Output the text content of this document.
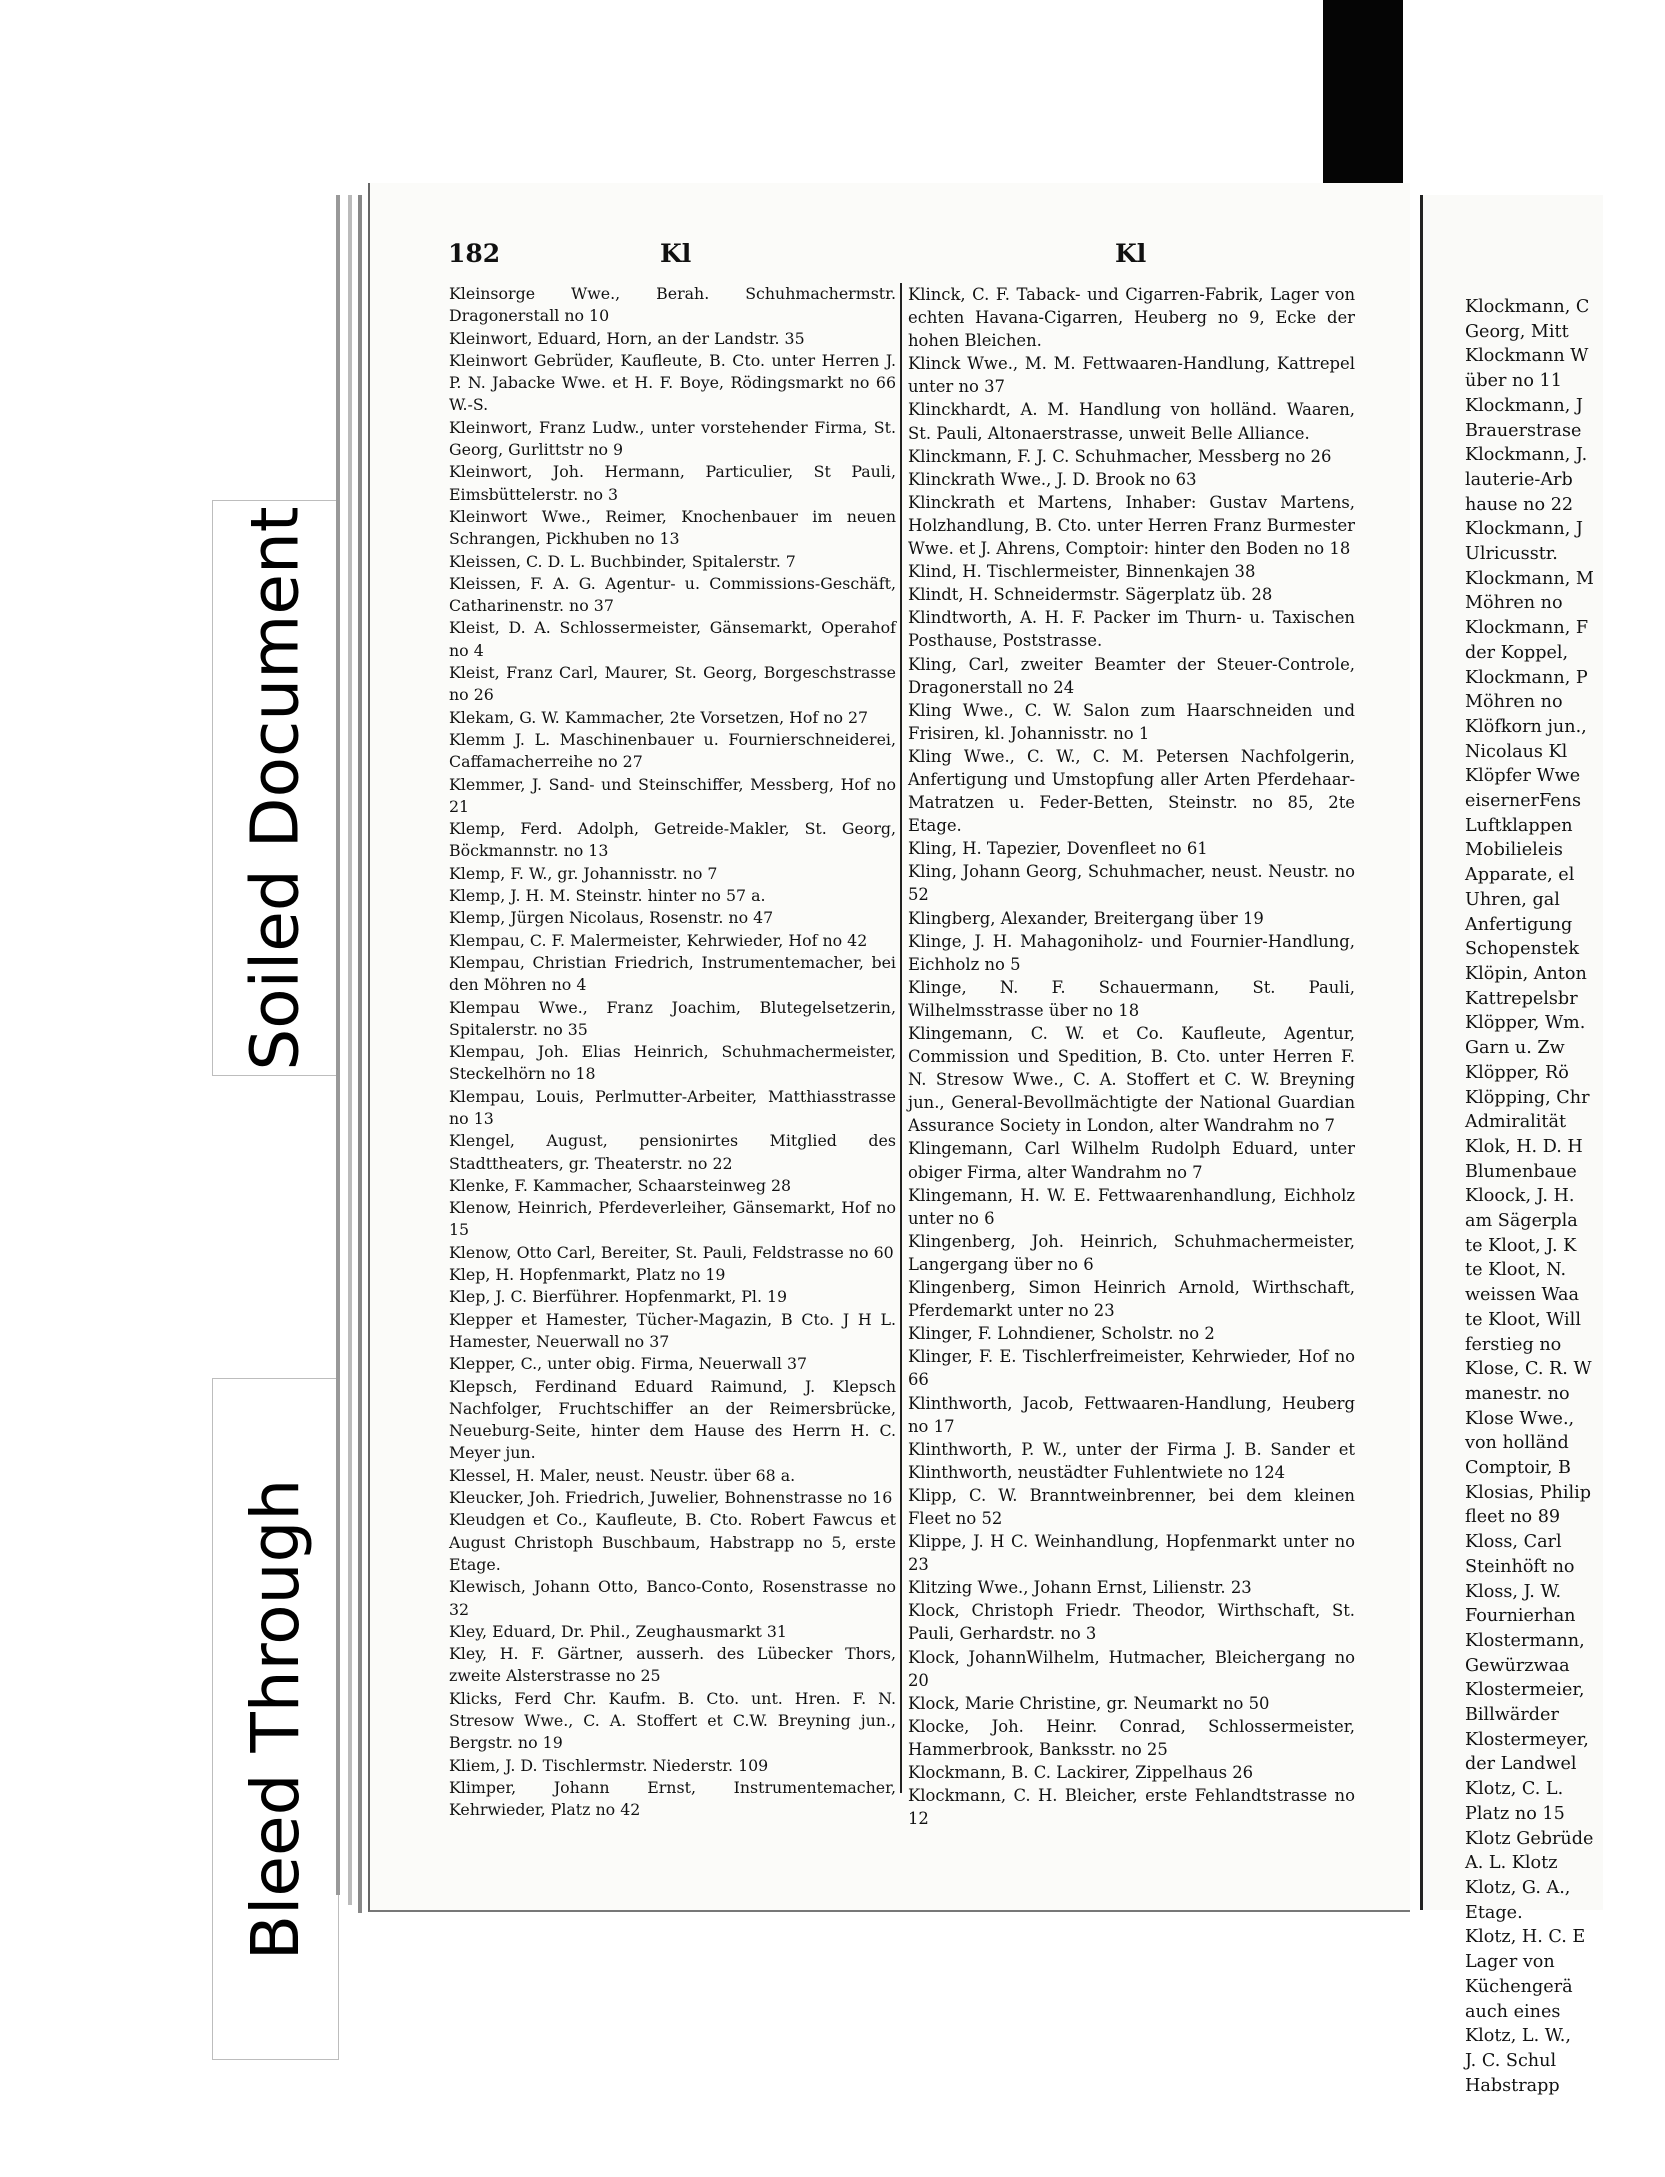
Soiled Document
Bleed Through
182	Kl	Kl

Kleinsorge Wwe., Berah. Schuhmachermstr. Dragonerstall no 10

Kleinwort, Eduard, Horn, an der Landstr. 35

Kleinwort Gebrüder, Kaufleute, B. Cto. unter Herren J. P. N. Jabacke Wwe. et H. F. Boye, Rödingsmarkt no 66 W.-S.

Kleinwort, Franz Ludw., unter vorstehender Firma, St. Georg, Gurlittstr no 9

Kleinwort, Joh. Hermann, Particulier, St Pauli, Eimsbüttelerstr. no 3

Kleinwort Wwe., Reimer, Knochenbauer im neuen Schrangen, Pickhuben no 13

Kleissen, C. D. L. Buchbinder, Spitalerstr. 7

Kleissen, F. A. G. Agentur- u. Commissions-Geschäft, Catharinenstr. no 37

Kleist, D. A. Schlossermeister, Gänsemarkt, Operahof no 4

Kleist, Franz Carl, Maurer, St. Georg, Borgeschstrasse no 26

Klekam, G. W. Kammacher, 2te Vorsetzen, Hof no 27

Klemm J. L. Maschinenbauer u. Fournierschneiderei, Caffamacherreihe no 27

Klemmer, J. Sand- und Steinschiffer, Messberg, Hof no 21

Klemp, Ferd. Adolph, Getreide-Makler, St. Georg, Böckmannstr. no 13

Klemp, F. W., gr. Johannisstr. no 7

Klemp, J. H. M. Steinstr. hinter no 57 a.

Klemp, Jürgen Nicolaus, Rosenstr. no 47

Klempau, C. F. Malermeister, Kehrwieder, Hof no 42

Klempau, Christian Friedrich, Instrumentemacher, bei den Möhren no 4

Klempau Wwe., Franz Joachim, Blutegelsetzerin, Spitalerstr. no 35

Klempau, Joh. Elias Heinrich, Schuhmachermeister, Steckelhörn no 18

Klempau, Louis, Perlmutter-Arbeiter, Matthiasstrasse no 13

Klengel, August, pensionirtes Mitglied des Stadttheaters, gr. Theaterstr. no 22

Klenke, F. Kammacher, Schaarsteinweg 28

Klenow, Heinrich, Pferdeverleiher, Gänsemarkt, Hof no 15

Klenow, Otto Carl, Bereiter, St. Pauli, Feldstrasse no 60

Klep, H. Hopfenmarkt, Platz no 19

Klep, J. C. Bierführer. Hopfenmarkt, Pl. 19

Klepper et Hamester, Tücher-Magazin, B Cto. J H L. Hamester, Neuerwall no 37

Klepper, C., unter obig. Firma, Neuerwall 37

Klepsch, Ferdinand Eduard Raimund, J. Klepsch Nachfolger, Fruchtschiffer an der Reimersbrücke, Neueburg-Seite, hinter dem Hause des Herrn H. C. Meyer jun.

Klessel, H. Maler, neust. Neustr. über 68 a.

Kleucker, Joh. Friedrich, Juwelier, Bohnenstrasse no 16

Kleudgen et Co., Kaufleute, B. Cto. Robert Fawcus et August Christoph Buschbaum, Habstrapp no 5, erste Etage.

Klewisch, Johann Otto, Banco-Conto, Rosenstrasse no 32

Kley, Eduard, Dr. Phil., Zeughausmarkt 31

Kley, H. F. Gärtner, ausserh. des Lübecker Thors, zweite Alsterstrasse no 25

Klicks, Ferd Chr. Kaufm. B. Cto. unt. Hren. F. N. Stresow Wwe., C. A. Stoffert et C.W. Breyning jun., Bergstr. no 19

Kliem, J. D. Tischlermstr. Niederstr. 109

Klimper, Johann Ernst, Instrumentemacher, Kehrwieder, Platz no 42

Klinck, C. F. Taback- und Cigarren-Fabrik, Lager von echten Havana-Cigarren, Heuberg no 9, Ecke der hohen Bleichen.

Klinck Wwe., M. M. Fettwaaren-Handlung, Kattrepel unter no 37

Klinckhardt, A. M. Handlung von holländ. Waaren, St. Pauli, Altonaerstrasse, unweit Belle Alliance.

Klinckmann, F. J. C. Schuhmacher, Messberg no 26

Klinckrath Wwe., J. D. Brook no 63

Klinckrath et Martens, Inhaber: Gustav Martens, Holzhandlung, B. Cto. unter Herren Franz Burmester Wwe. et J. Ahrens, Comptoir: hinter den Boden no 18

Klind, H. Tischlermeister, Binnenkajen 38

Klindt, H. Schneidermstr. Sägerplatz üb. 28

Klindtworth, A. H. F. Packer im Thurn- u. Taxischen Posthause, Poststrasse.

Kling, Carl, zweiter Beamter der Steuer-Controle, Dragonerstall no 24

Kling Wwe., C. W. Salon zum Haarschneiden und Frisiren, kl. Johannisstr. no 1

Kling Wwe., C. W., C. M. Petersen Nachfolgerin, Anfertigung und Umstopfung aller Arten Pferdehaar-Matratzen u. Feder-Betten, Steinstr. no 85, 2te Etage.

Kling, H. Tapezier, Dovenfleet no 61

Kling, Johann Georg, Schuhmacher, neust. Neustr. no 52

Klingberg, Alexander, Breitergang über 19

Klinge, J. H. Mahagoniholz- und Fournier-Handlung, Eichholz no 5

Klinge, N. F. Schauermann, St. Pauli, Wilhelmsstrasse über no 18

Klingemann, C. W. et Co. Kaufleute, Agentur, Commission und Spedition, B. Cto. unter Herren F. N. Stresow Wwe., C. A. Stoffert et C. W. Breyning jun., General-Bevollmächtigte der National Guardian Assurance Society in London, alter Wandrahm no 7

Klingemann, Carl Wilhelm Rudolph Eduard, unter obiger Firma, alter Wandrahm no 7

Klingemann, H. W. E. Fettwaarenhandlung, Eichholz unter no 6

Klingenberg, Joh. Heinrich, Schuhmachermeister, Langergang über no 6

Klingenberg, Simon Heinrich Arnold, Wirthschaft, Pferdemarkt unter no 23

Klinger, F. Lohndiener, Scholstr. no 2

Klinger, F. E. Tischlerfreimeister, Kehrwieder, Hof no 66

Klinthworth, Jacob, Fettwaaren-Handlung, Heuberg no 17

Klinthworth, P. W., unter der Firma J. B. Sander et Klinthworth, neustädter Fuhlentwiete no 124

Klipp, C. W. Branntweinbrenner, bei dem kleinen Fleet no 52

Klippe, J. H C. Weinhandlung, Hopfenmarkt unter no 23

Klitzing Wwe., Johann Ernst, Lilienstr. 23

Klock, Christoph Friedr. Theodor, Wirthschaft, St. Pauli, Gerhardstr. no 3

Klock, JohannWilhelm, Hutmacher, Bleichergang no 20

Klock, Marie Christine, gr. Neumarkt no 50

Klocke, Joh. Heinr. Conrad, Schlossermeister, Hammerbrook, Banksstr. no 25

Klockmann, B. C. Lackirer, Zippelhaus 26

Klockmann, C. H. Bleicher, erste Fehlandtstrasse no 12

Klockmann, C
Georg, Mitt
Klockmann W
über no 11
Klockmann, J
Brauerstrase
Klockmann, J.
lauterie-Arb
hause no 22
Klockmann, J
Ulricusstr.
Klockmann, M
Möhren no
Klockmann, F
der Koppel,
Klockmann, P
Möhren no
Klöfkorn jun.,
Nicolaus Kl
Klöpfer Wwe
eisernerFens
Luftklappen
Mobilieleis
Apparate, el
Uhren, gal
Anfertigung
Schopenstek
Klöpin, Anton
Kattrepelsbr
Klöpper, Wm.
Garn u. Zw
Klöpper, Rö
Klöpping, Chr
Admiralität
Klok, H. D. H
Blumenbaue
Kloock, J. H.
am Sägerpla
te Kloot, J. K
te Kloot, N.
weissen Waa
te Kloot, Will
ferstieg no
Klose, C. R. W
manestr. no
Klose Wwe.,
von holländ
Comptoir, B
Klosias, Philip
fleet no 89
Kloss, Carl
Steinhöft no
Kloss, J. W.
Fournierhan
Klostermann,
Gewürzwaa
Klostermeier,
Billwärder
Klostermeyer,
der Landwel
Klotz, C. L.
Platz no 15
Klotz Gebrüde
A. L. Klotz
Klotz, G. A.,
Etage.
Klotz, H. C. E
Lager von
Küchengerä
auch eines
Klotz, L. W.,
J. C. Schul
Habstrapp
